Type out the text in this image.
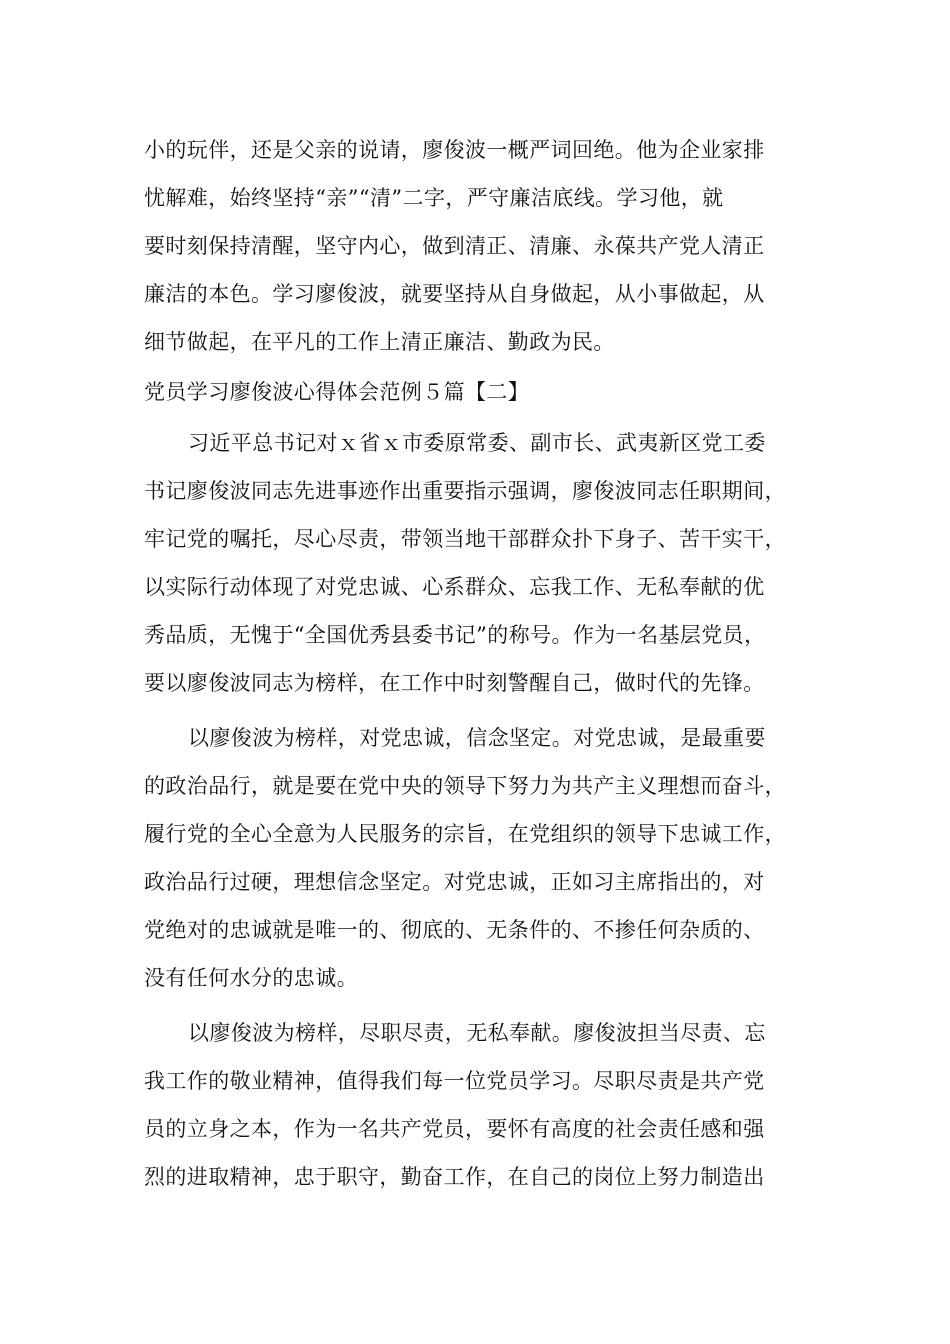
小的玩伴，还是父亲的说请，廖俊波一概严词回绝。他为企业家排
忧解难，始终坚持“亲”“清”二字，严守廉洁底线。学习他，就
要时刻保持清醒，坚守内心，做到清正、清廉、永葆共产党人清正
廉洁的本色。学习廖俊波，就要坚持从自身做起，从小事做起，从
细节做起，在平凡的工作上清正廉洁、勤政为民。
党员学习廖俊波心得体会范例５篇【二】
习近平总书记对ｘ省ｘ市委原常委、副市长、武夷新区党工委
书记廖俊波同志先进事迹作出重要指示强调，廖俊波同志任职期间，
牢记党的嘱托，尽心尽责，带领当地干部群众扑下身子、苦干实干，
以实际行动体现了对党忠诚、心系群众、忘我工作、无私奉献的优
秀品质，无愧于“全国优秀县委书记”的称号。作为一名基层党员，
要以廖俊波同志为榜样，在工作中时刻警醒自己，做时代的先锋。
以廖俊波为榜样，对党忠诚，信念坚定。对党忠诚，是最重要
的政治品行，就是要在党中央的领导下努力为共产主义理想而奋斗，
履行党的全心全意为人民服务的宗旨，在党组织的领导下忠诚工作，
政治品行过硬，理想信念坚定。对党忠诚，正如习主席指出的，对
党绝对的忠诚就是唯一的、彻底的、无条件的、不掺任何杂质的、
没有任何水分的忠诚。
以廖俊波为榜样，尽职尽责，无私奉献。廖俊波担当尽责、忘
我工作的敬业精神，值得我们每一位党员学习。尽职尽责是共产党
员的立身之本，作为一名共产党员，要怀有高度的社会责任感和强
烈的进取精神，忠于职守，勤奋工作，在自己的岗位上努力制造出
